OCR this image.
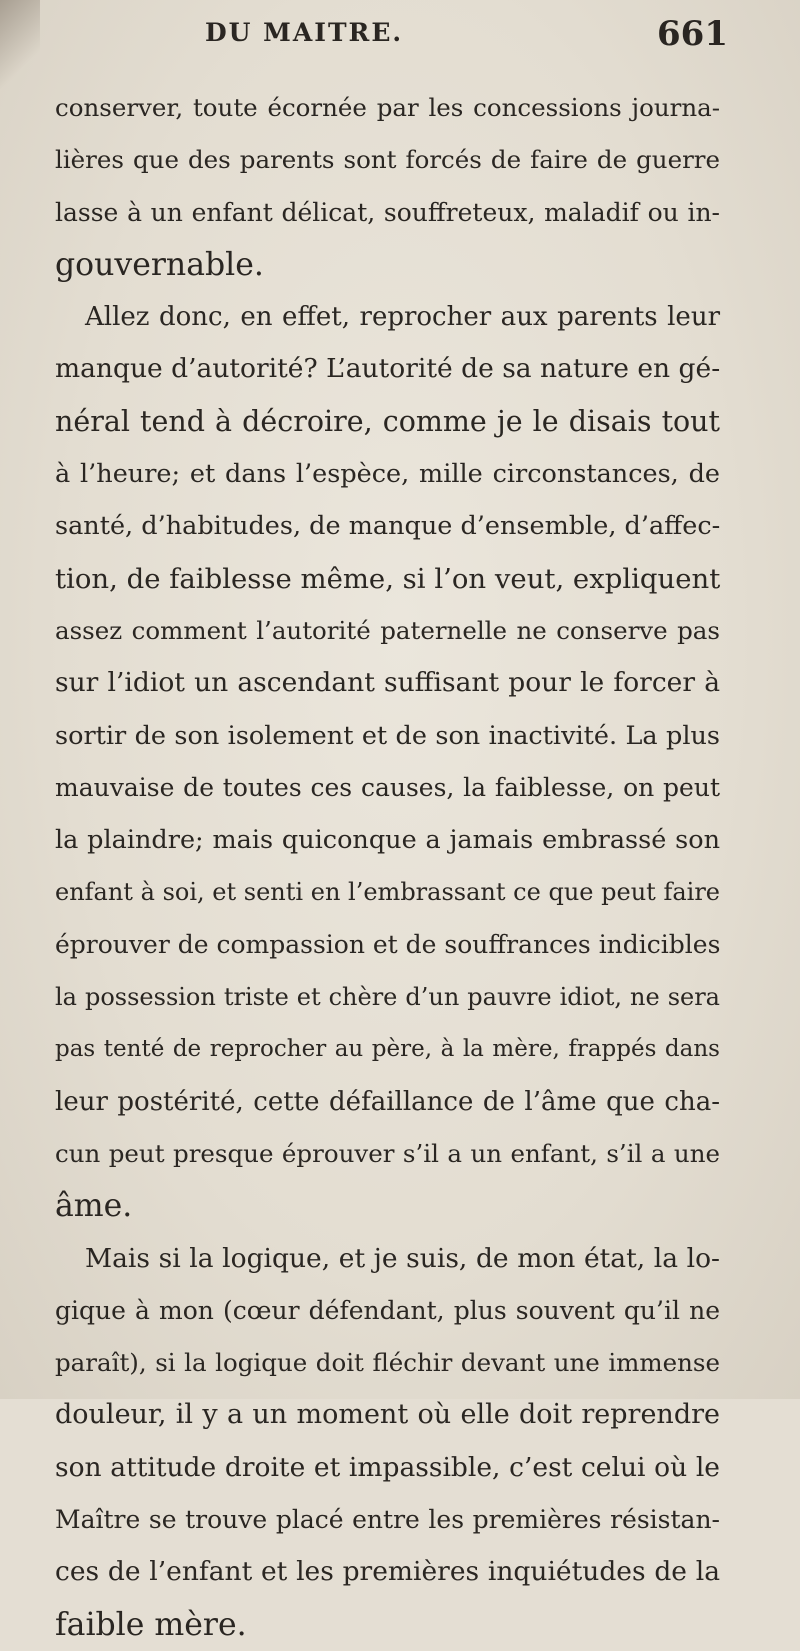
DU MAITRE.	661
conserver, toute écornée par les concessions journa-
lières que des parents sont forcés de faire de guerre
lasse à un enfant délicat, souffreteux, maladif ou in-
gouvernable.
Allez donc, en effet, reprocher aux parents leur
manque d’autorité? L’autorité de sa nature en gé-
néral tend à décroire, comme je le disais tout
à l’heure; et dans l’espèce, mille circonstances, de
santé, d’habitudes, de manque d’ensemble, d’affec-
tion, de faiblesse même, si l’on veut, expliquent
assez comment l’autorité paternelle ne conserve pas
sur l’idiot un ascendant suffisant pour le forcer à
sortir de son isolement et de son inactivité. La plus
mauvaise de toutes ces causes, la faiblesse, on peut
la plaindre; mais quiconque a jamais embrassé son
enfant à soi, et senti en l’embrassant ce que peut faire
éprouver de compassion et de souffrances indicibles
la possession triste et chère d’un pauvre idiot, ne sera
pas tenté de reprocher au père, à la mère, frappés dans
leur postérité, cette défaillance de l’âme que cha-
cun peut presque éprouver s’il a un enfant, s’il a une
âme.
Mais si la logique, et je suis, de mon état, la lo-
gique à mon (cœur défendant, plus souvent qu’il ne
paraît), si la logique doit fléchir devant une immense
douleur, il y a un moment où elle doit reprendre
son attitude droite et impassible, c’est celui où le
Maître se trouve placé entre les premières résistan-
ces de l’enfant et les premières inquiétudes de la
faible mère.
